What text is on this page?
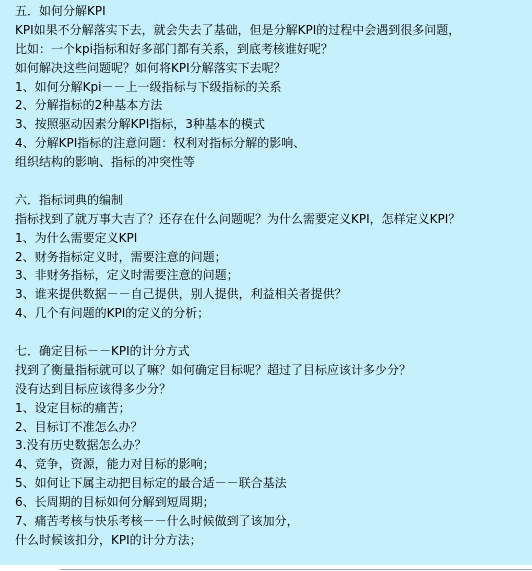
五．如何分解KPI
KPI如果不分解落实下去，就会失去了基础，但是分解KPI的过程中会遇到很多问题，
比如：一个kpi指标和好多部门都有关系，到底考核谁好呢？
如何解决这些问题呢？如何将KPI分解落实下去呢？
1、如何分解Kpi－－上一级指标与下级指标的关系
2、分解指标的2种基本方法
3、按照驱动因素分解KPI指标，3种基本的模式
4、分解KPI指标的注意问题：权利对指标分解的影响、
组织结构的影响、指标的冲突性等
六．指标词典的编制
指标找到了就万事大吉了？还存在什么问题呢？为什么需要定义KPI，怎样定义KPI？
1、为什么需要定义KPI
2、财务指标定义时，需要注意的问题；
3、非财务指标，定义时需要注意的问题；
3、谁来提供数据－－自己提供，别人提供，利益相关者提供？
4、几个有问题的KPI的定义的分析；
七．确定目标－－KPI的计分方式
找到了衡量指标就可以了嘛？如何确定目标呢？超过了目标应该计多少分？
没有达到目标应该得多少分？
1、设定目标的痛苦；
2、目标订不准怎么办？
3.没有历史数据怎么办？
4、竞争，资源，能力对目标的影响；
5、如何让下属主动把目标定的最合适－－联合基法
6、长周期的目标如何分解到短周期；
7、痛苦考核与快乐考核－－什么时候做到了该加分，
什么时候该扣分，KPI的计分方法；
